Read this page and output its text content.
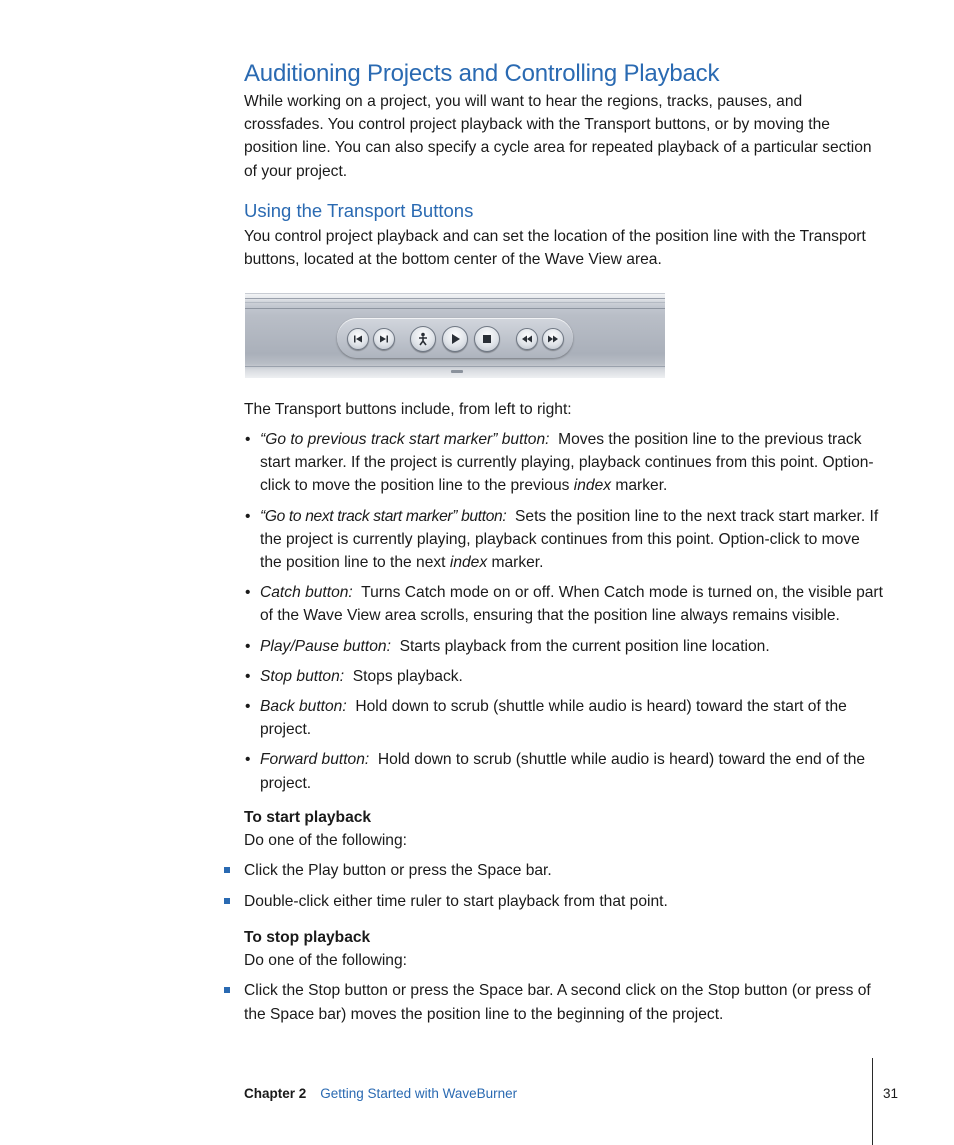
Auditioning Projects and Controlling Playback

While working on a project, you will want to hear the regions, tracks, pauses, and crossfades. You control project playback with the Transport buttons, or by moving the position line. You can also specify a cycle area for repeated playback of a particular section of your project.

Using the Transport Buttons

You control project playback and can set the location of the position line with the Transport buttons, located at the bottom center of the Wave View area.

The Transport buttons include, from left to right:

• “Go to previous track start marker” button: Moves the position line to the previous track start marker. If the project is currently playing, playback continues from this point. Option-click to move the position line to the previous index marker.
• “Go to next track start marker” button: Sets the position line to the next track start marker. If the project is currently playing, playback continues from this point. Option-click to move the position line to the next index marker.
• Catch button: Turns Catch mode on or off. When Catch mode is turned on, the visible part of the Wave View area scrolls, ensuring that the position line always remains visible.
• Play/Pause button: Starts playback from the current position line location.
• Stop button: Stops playback.
• Back button: Hold down to scrub (shuttle while audio is heard) toward the start of the project.
• Forward button: Hold down to scrub (shuttle while audio is heard) toward the end of the project.
To start playback
Do one of the following:
Click the Play button or press the Space bar.
Double-click either time ruler to start playback from that point.
To stop playback
Do one of the following:
Click the Stop button or press the Space bar. A second click on the Stop button (or press of the Space bar) moves the position line to the beginning of the project.
Chapter 2 Getting Started with WaveBurner	31
